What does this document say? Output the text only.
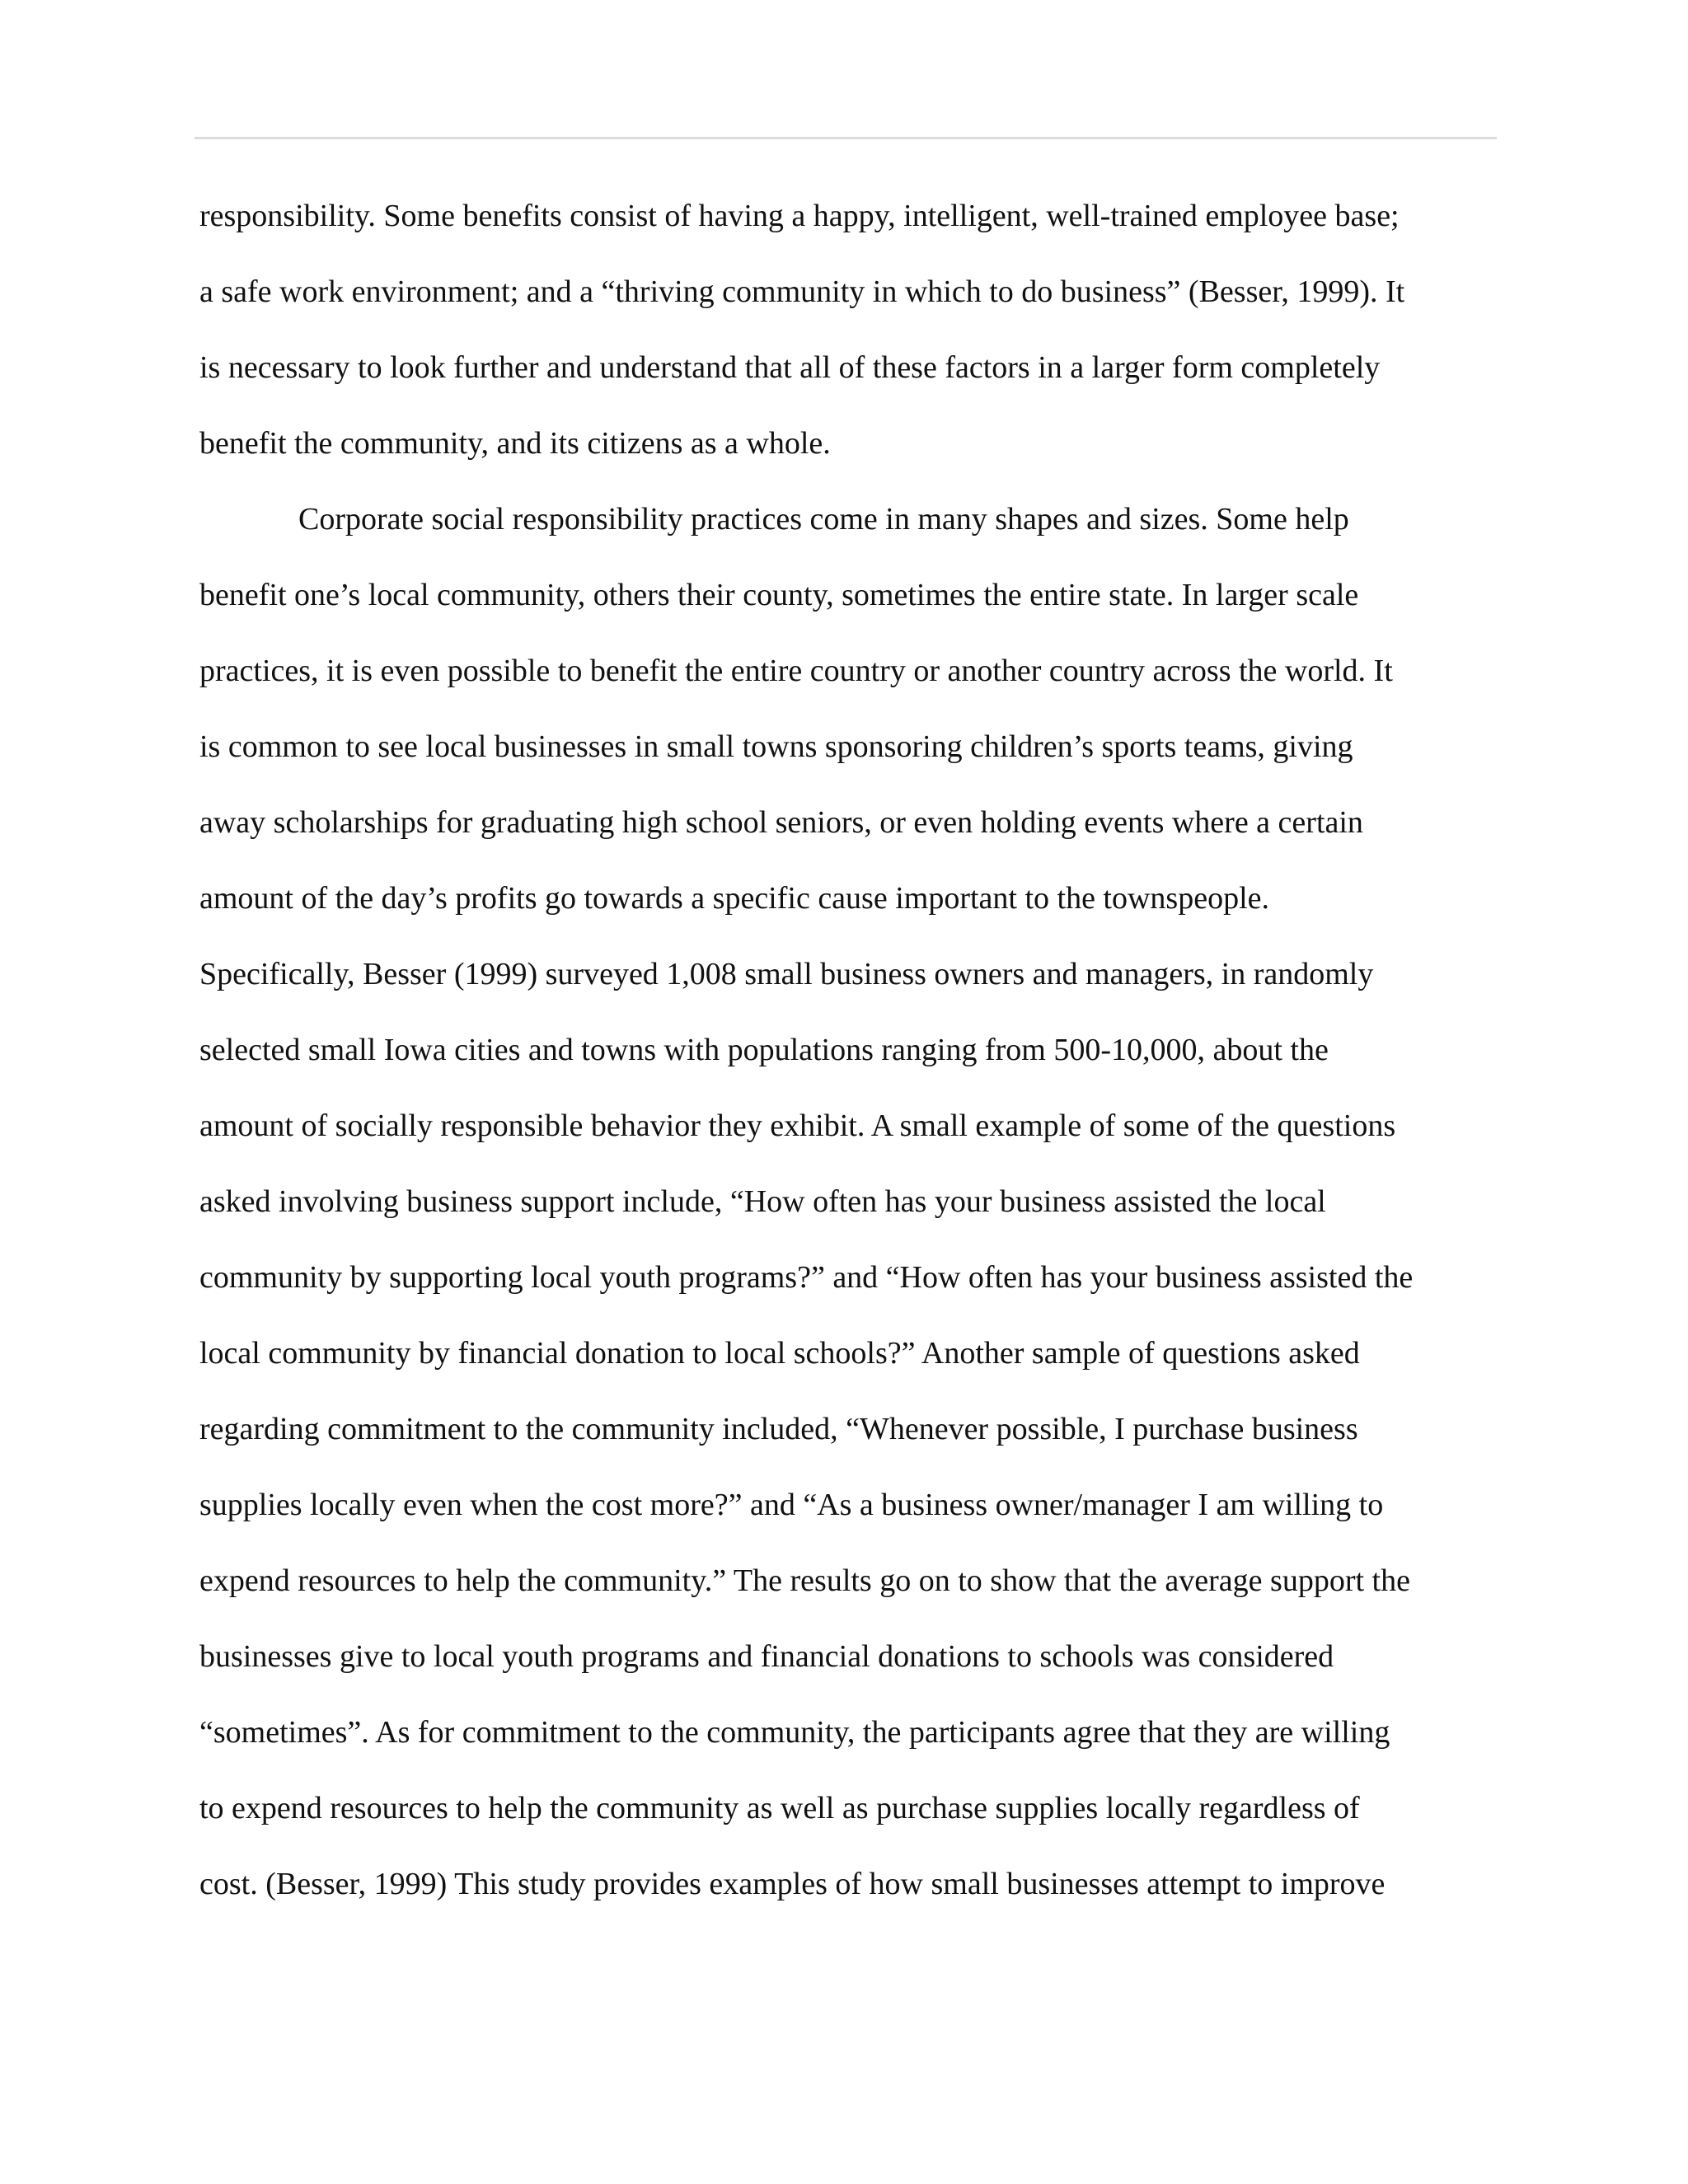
responsibility. Some benefits consist of having a happy, intelligent, well-trained employee base;
a safe work environment; and a “thriving community in which to do business” (Besser, 1999). It
is necessary to look further and understand that all of these factors in a larger form completely
benefit the community, and its citizens as a whole.
Corporate social responsibility practices come in many shapes and sizes. Some help
benefit one’s local community, others their county, sometimes the entire state. In larger scale
practices, it is even possible to benefit the entire country or another country across the world. It
is common to see local businesses in small towns sponsoring children’s sports teams, giving
away scholarships for graduating high school seniors, or even holding events where a certain
amount of the day’s profits go towards a specific cause important to the townspeople.
Specifically, Besser (1999) surveyed 1,008 small business owners and managers, in randomly
selected small Iowa cities and towns with populations ranging from 500-10,000, about the
amount of socially responsible behavior they exhibit. A small example of some of the questions
asked involving business support include, “How often has your business assisted the local
community by supporting local youth programs?” and “How often has your business assisted the
local community by financial donation to local schools?” Another sample of questions asked
regarding commitment to the community included, “Whenever possible, I purchase business
supplies locally even when the cost more?” and “As a business owner/manager I am willing to
expend resources to help the community.” The results go on to show that the average support the
businesses give to local youth programs and financial donations to schools was considered
“sometimes”. As for commitment to the community, the participants agree that they are willing
to expend resources to help the community as well as purchase supplies locally regardless of
cost. (Besser, 1999) This study provides examples of how small businesses attempt to improve
